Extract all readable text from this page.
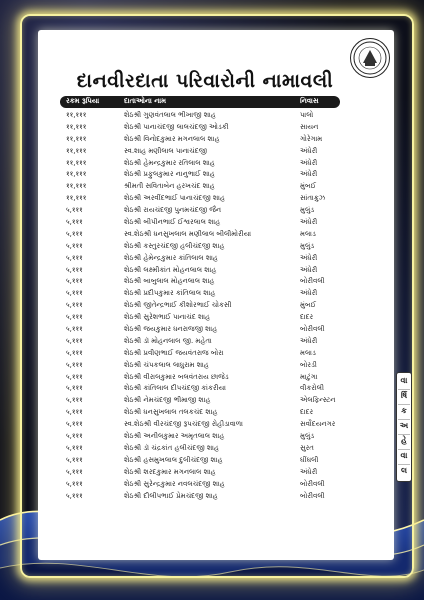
દાનવીરદાતા પરિવારોની નામાવલી
રકમ રૂપિયા	દાતાઓના નામ	નિવાસ
११,१११	શેઠશ્રી ગુણવંતલાલ ભીખાજી શાહ	પાલો
११,१११	શેઠશ્રી પાનાચંદજી લાલચંદજી ઓડકી	સાયન
११,१११	શેઠશ્રી વિનોદકુમાર મગનલાલ શાહ	ગોરેગામ
११,१११	સ્વ.શાહ મણીલાલ પાનાચંદજી	અંધેરી
११,१११	શેઠશ્રી હેમન્દ્રકુમાર રતિલાલ શાહ	અંધેરી
११,१११	શેઠશ્રી પ્રફુલકુમાર નાનુભાઈ શાહ	અંધેરી
११,१११	શ્રીમતી સવિતાબેન હરખચંદ શાહ	મુંબઈ
११,१११	શેઠશ્રી અરવીંદભાઈ પાનાચંદજી શાહ	સાંતાક્રુઝ
५,१११	શેઠશ્રી રાયચંદજી પુનમચંદજી જૈન	મુલુંડ
५,१११	શેઠશ્રી બીપીનભાઈ ઈશ્વરલાલ શાહ	અંધેરી
५,१११	સ્વ.શેઠશ્રી ધનસુખલાલ મણીલાલ બીલીમોરીયા	મલાડ
५,१११	શેઠશ્રી કસ્તુરચંદજી હલીચંદજી શાહ	મુલુંડ
५,१११	શેઠશ્રી હેમેન્દ્રકુમાર કાંતિલાલ શાહ	અંધેરી
५,१११	શેઠશ્રી લક્ષ્મીકાંત મોહનલાલ શાહ	અંધેરી
५,१११	શેઠશ્રી બાબુલાલ મોહનલાલ શાહ	બોરીવલી
५,१११	શેઠશ્રી પ્રદીપકુમાર કાંતિલાલ શાહ	અંધેરી
५,१११	શેઠશ્રી જીતેન્દ્રભાઈ કીશોરભાઈ ચોકસી	મુંબઈ
५,१११	શેઠશ્રી સુરેશભાઈ પાનાચંદ શાહ	દાદર
५,१११	શેઠશ્રી જયકુમાર ધનરાજજી શાહ	બોરીવલી
५,१११	શેઠશ્રી ડૉ મોહનલાલ જી. મહેતા	અંધેરી
५,१११	શેઠશ્રી પ્રવીણભાઈ જયવંતરાજ બોરા	મલાડ
५,१११	શેઠશ્રી ચંપકલાલ લાધુરામ શાહ	બોરડી
५,१११	શેઠશ્રી વીરાલકુમાર બલવંતરાય છાજેડ	માટુંગા
५,१११	શેઠશ્રી કાંતિલાલ દીપચંદજી કાંકરીયા	વીકરોલી
५,१११	શેઠશ્રી નેમચંદજી ભીમાજી શાહ	એલફિન્સ્ટન
५,१११	શેઠશ્રી ધનસુખલાલ તલકચંદ શાહ	દાદર
५,१११	સ્વ.શેઠશ્રી વીરચંદજી રૂપચંદજી રોહીડાવાળા	સર્વોદયનગર
५,१११	શેઠશ્રી અનીલકુમાર અમૃતલાલ શાહ	મુલુંડ
५,१११	શેઠશ્રી ડૉ ચંદ્રકાંત હલીચંદજી શાહ	સુરત
५,१११	શેઠશ્રી હસમુખલાલ દુલીચંદજી શાહ	ઘીંઘલી
५,१११	શેઠશ્રી શરદકુમાર મગનલાલ શાહ	અંધેરી
५,१११	શેઠશ્રી સુરેન્દ્રકુમાર નવલચંદજી શાહ	બોરીવલી
५,१११	શેઠશ્રી દીલીપભાઈ પ્રેમચંદજી શાહ	બોરીવલી
વા
ર્ષિ
ક
અ
હે
વા
લ
